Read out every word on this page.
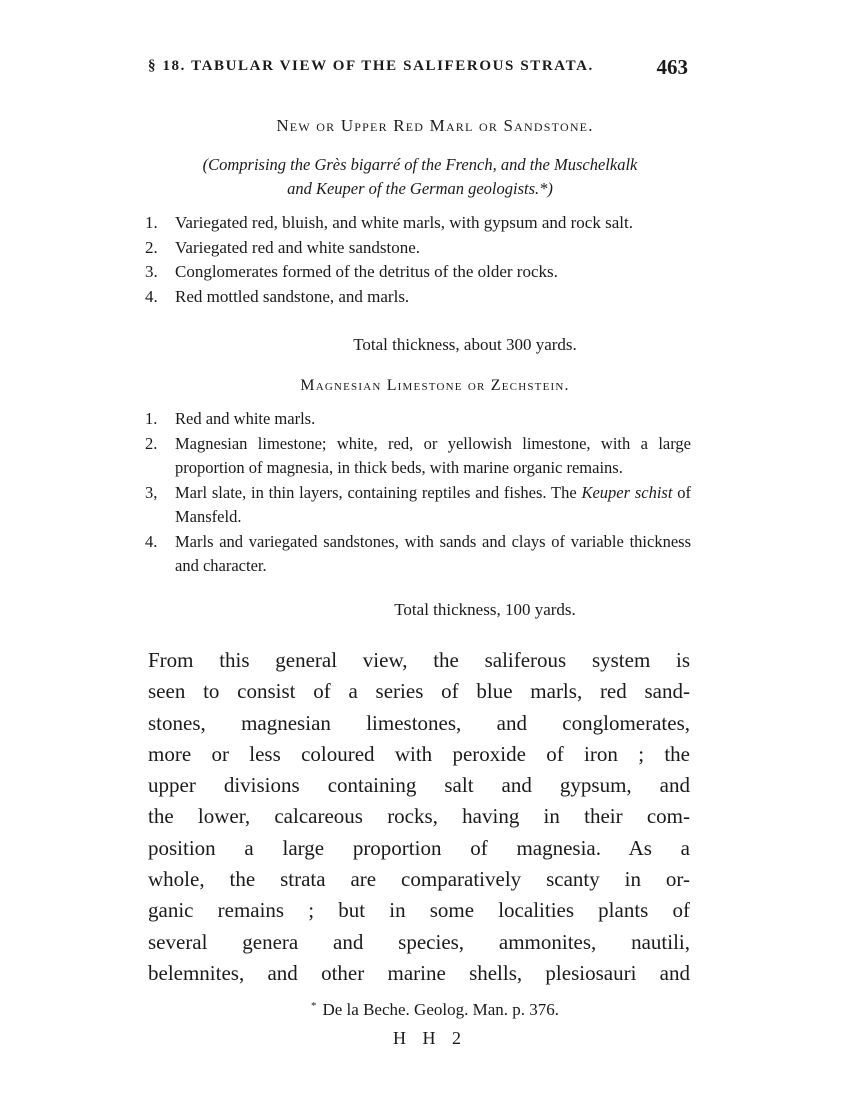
§ 18. TABULAR VIEW OF THE SALIFEROUS STRATA.	463
New or Upper Red Marl or Sandstone.
(Comprising the Grès bigarré of the French, and the Muschelkalk
and Keuper of the German geologists.*)
1. Variegated red, bluish, and white marls, with gypsum and rock salt.
2. Variegated red and white sandstone.
3. Conglomerates formed of the detritus of the older rocks.
4. Red mottled sandstone, and marls.
Total thickness, about 300 yards.
Magnesian Limestone or Zechstein.
1. Red and white marls.
2. Magnesian limestone; white, red, or yellowish limestone, with a large proportion of magnesia, in thick beds, with marine organic remains.
3, Marl slate, in thin layers, containing reptiles and fishes. The Keuper schist of Mansfeld.
4. Marls and variegated sandstones, with sands and clays of variable thickness and character.
Total thickness, 100 yards.
From this general view, the saliferous system is
seen to consist of a series of blue marls, red sand-
stones, magnesian limestones, and conglomerates,
more or less coloured with peroxide of iron ; the
upper divisions containing salt and gypsum, and
the lower, calcareous rocks, having in their com-
position a large proportion of magnesia. As a
whole, the strata are comparatively scanty in or-
ganic remains ; but in some localities plants of
several genera and species, ammonites, nautili,
belemnites, and other marine shells, plesiosauri and
* De la Beche. Geolog. Man. p. 376.
H H 2
